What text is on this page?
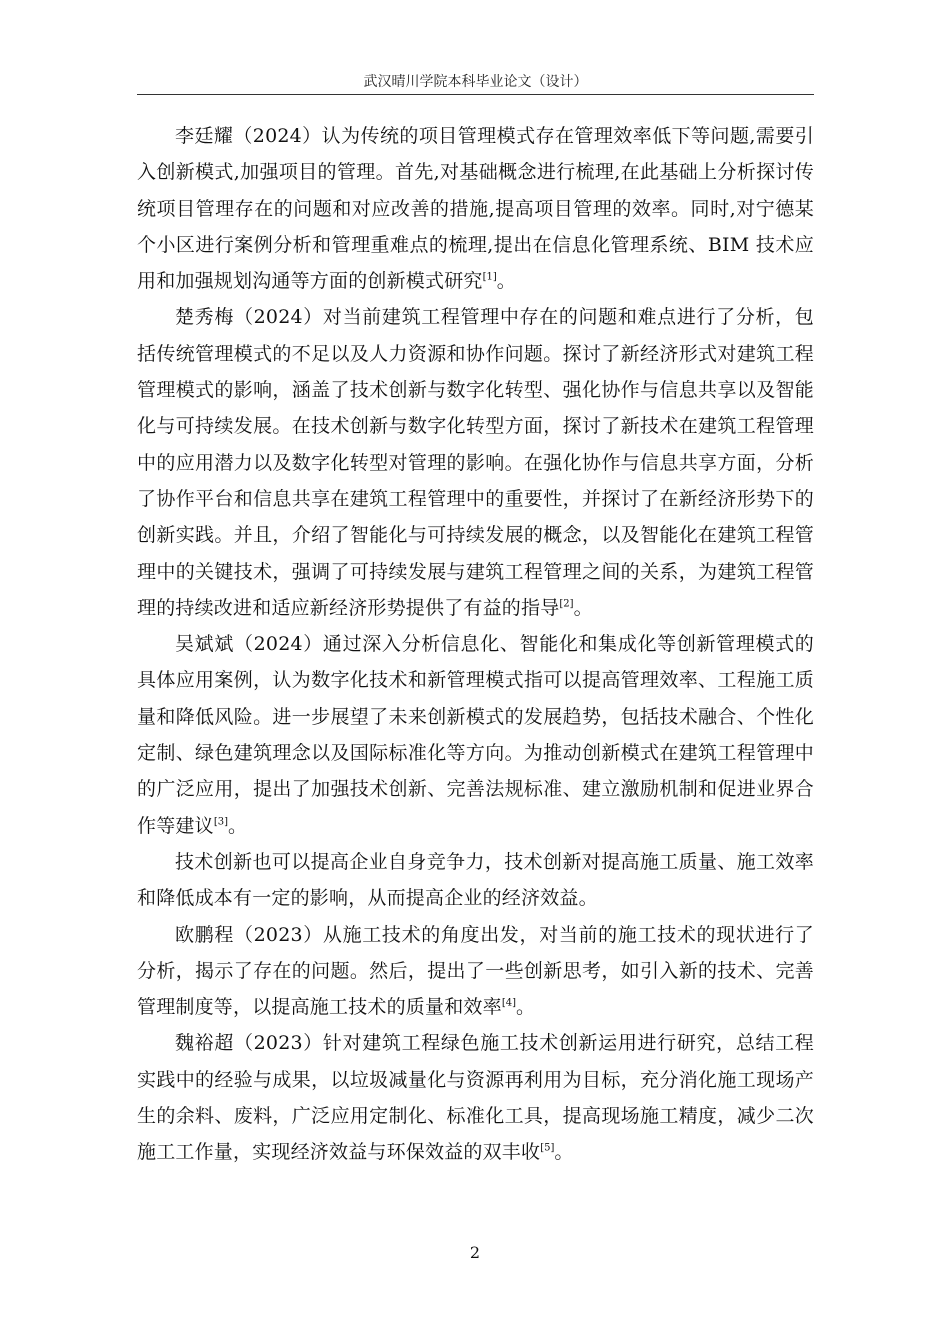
武汉晴川学院本科毕业论文（设计）

李廷耀（2024）认为传统的项目管理模式存在管理效率低下等问题,需要引入创新模式,加强项目的管理。首先,对基础概念进行梳理,在此基础上分析探讨传统项目管理存在的问题和对应改善的措施,提高项目管理的效率。同时,对宁德某个小区进行案例分析和管理重难点的梳理,提出在信息化管理系统、BIM 技术应用和加强规划沟通等方面的创新模式研究[1]。

楚秀梅（2024）对当前建筑工程管理中存在的问题和难点进行了分析，包括传统管理模式的不足以及人力资源和协作问题。探讨了新经济形式对建筑工程管理模式的影响，涵盖了技术创新与数字化转型、强化协作与信息共享以及智能化与可持续发展。在技术创新与数字化转型方面，探讨了新技术在建筑工程管理中的应用潜力以及数字化转型对管理的影响。在强化协作与信息共享方面，分析了协作平台和信息共享在建筑工程管理中的重要性，并探讨了在新经济形势下的创新实践。并且，介绍了智能化与可持续发展的概念，以及智能化在建筑工程管理中的关键技术，强调了可持续发展与建筑工程管理之间的关系，为建筑工程管理的持续改进和适应新经济形势提供了有益的指导[2]。

吴斌斌（2024）通过深入分析信息化、智能化和集成化等创新管理模式的具体应用案例，认为数字化技术和新管理模式指可以提高管理效率、工程施工质量和降低风险。进一步展望了未来创新模式的发展趋势，包括技术融合、个性化定制、绿色建筑理念以及国际标准化等方向。为推动创新模式在建筑工程管理中的广泛应用，提出了加强技术创新、完善法规标准、建立激励机制和促进业界合作等建议[3]。

技术创新也可以提高企业自身竞争力，技术创新对提高施工质量、施工效率和降低成本有一定的影响，从而提高企业的经济效益。

欧鹏程（2023）从施工技术的角度出发，对当前的施工技术的现状进行了分析，揭示了存在的问题。然后，提出了一些创新思考，如引入新的技术、完善管理制度等，以提高施工技术的质量和效率[4]。

魏裕超（2023）针对建筑工程绿色施工技术创新运用进行研究，总结工程实践中的经验与成果，以垃圾减量化与资源再利用为目标，充分消化施工现场产生的余料、废料，广泛应用定制化、标准化工具，提高现场施工精度，减少二次施工工作量，实现经济效益与环保效益的双丰收[5]。

2
